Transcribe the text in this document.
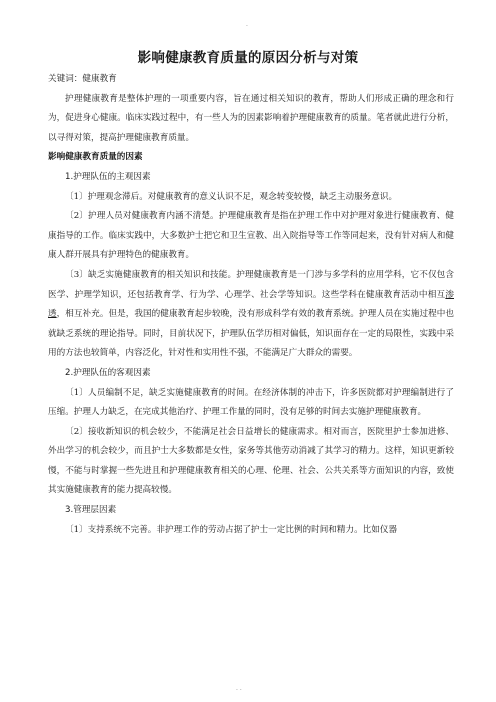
.
影响健康教育质量的原因分析与对策

关键词：健康教育

护理健康教育是整体护理的一项重要内容，旨在通过相关知识的教育，帮助人们形成正确的理念和行为，促进身心健康。临床实践过程中，有一些人为的因素影响着护理健康教育的质量。笔者就此进行分析，以寻得对策，提高护理健康教育质量。

影响健康教育质量的因素

1.护理队伍的主观因素

〔1〕护理观念滞后。对健康教育的意义认识不足，观念转变较慢，缺乏主动服务意识。

〔2〕护理人员对健康教育内涵不清楚。护理健康教育是指在护理工作中对护理对象进行健康教育、健康指导的工作。临床实践中，大多数护士把它和卫生宣教、出入院指导等工作等同起来，没有针对病人和健康人群开展具有护理特色的健康教育。

〔3〕缺乏实施健康教育的相关知识和技能。护理健康教育是一门涉与多学科的应用学科，它不仅包含医学、护理学知识，还包括教育学、行为学、心理学、社会学等知识。这些学科在健康教育活动中相互渗透，相互补充。但是，我国的健康教育起步较晚，没有形成科学有效的教育系统。护理人员在实施过程中也就缺乏系统的理论指导。同时，目前状况下，护理队伍学历相对偏低，知识面存在一定的局限性，实践中采用的方法也较简单，内容泛化，针对性和实用性不强，不能满足广大群众的需要。

2.护理队伍的客观因素

〔1〕人员编制不足，缺乏实施健康教育的时间。在经济体制的冲击下，许多医院都对护理编制进行了压缩。护理人力缺乏，在完成其他治疗、护理工作量的同时，没有足够的时间去实施护理健康教育。

〔2〕接收新知识的机会较少，不能满足社会日益增长的健康需求。相对而言，医院里护士参加进修、外出学习的机会较少，而且护士大多数都是女性，家务等其他劳动消减了其学习的精力。这样，知识更新较慢，不能与时掌握一些先进且和护理健康教育相关的心理、伦理、社会、公共关系等方面知识的内容，致使其实施健康教育的能力提高较慢。

3.管理层因素

〔1〕支持系统不完善。非护理工作的劳动占据了护士一定比例的时间和精力。比如仪器

. .
